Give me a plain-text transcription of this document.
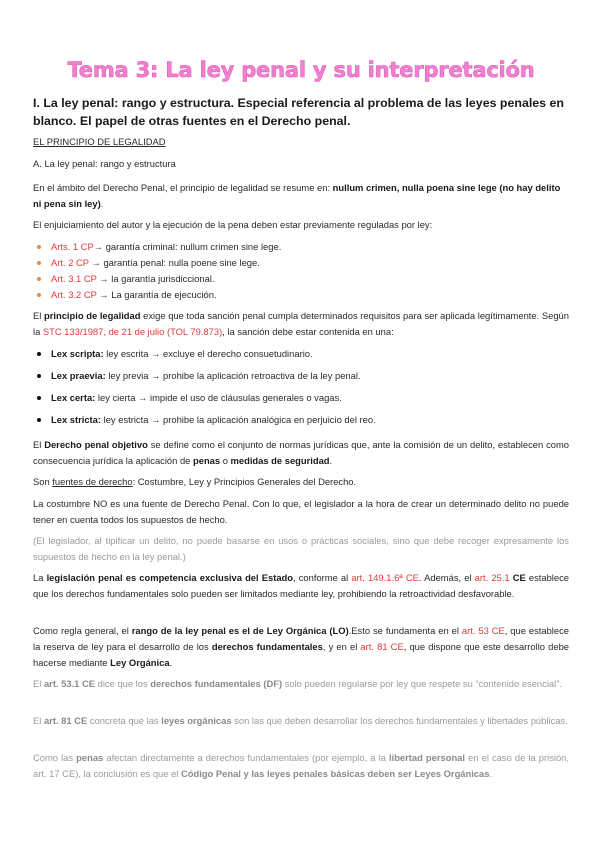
Tema 3: La ley penal y su interpretación
I. La ley penal: rango y estructura. Especial referencia al problema de las leyes penales en blanco. El papel de otras fuentes en el Derecho penal.
EL PRINCIPIO DE LEGALIDAD
A. La ley penal: rango y estructura
En el ámbito del Derecho Penal, el principio de legalidad se resume en: nullum crimen, nulla poena sine lege (no hay delito ni pena sin ley).
El enjuiciamiento del autor y la ejecución de la pena deben estar previamente reguladas por ley:
Arts. 1 CP→ garantía criminal: nullum crimen sine lege.
Art. 2 CP → garantía penal: nulla poene sine lege.
Art. 3.1 CP → la garantía jurisdiccional.
Art. 3.2 CP → La garantía de ejecución.
El principio de legalidad exige que toda sanción penal cumpla determinados requisitos para ser aplicada legítimamente. Según la STC 133/1987, de 21 de julio (TOL 79.873), la sanción debe estar contenida en una:
Lex scripta: ley escrita → excluye el derecho consuetudinario.
Lex praevia: ley previa → prohibe la aplicación retroactiva de la ley penal.
Lex certa: ley cierta → impide el uso de cláusulas generales o vagas.
Lex stricta: ley estricta → prohibe la aplicación analógica en perjuicio del reo.
El Derecho penal objetivo se define como el conjunto de normas jurídicas que, ante la comisión de un delito, establecen como consecuencia jurídica la aplicación de penas o medidas de seguridad.
Son fuentes de derecho: Costumbre, Ley y Principios Generales del Derecho.
La costumbre NO es una fuente de Derecho Penal. Con lo que, el legislador a la hora de crear un determinado delito no puede tener en cuenta todos los supuestos de hecho.
(El legislador, al tipificar un delito, no puede basarse en usos o prácticas sociales, sino que debe recoger expresamente los supuestos de hecho en la ley penal.)
La legislación penal es competencia exclusiva del Estado, conforme al art. 149.1.6ª CE. Además, el art. 25.1 CE establece que los derechos fundamentales solo pueden ser limitados mediante ley, prohibiendo la retroactividad desfavorable.
Como regla general, el rango de la ley penal es el de Ley Orgánica (LO).Esto se fundamenta en el art. 53 CE, que establece la reserva de ley para el desarrollo de los derechos fundamentales, y en el art. 81 CE, que dispone que este desarrollo debe hacerse mediante Ley Orgánica.
El art. 53.1 CE dice que los derechos fundamentales (DF) solo pueden regularse por ley que respete su “contenido esencial”.
El art. 81 CE concreta que las leyes orgánicas son las que deben desarrollar los derechos fundamentales y libertades públicas.
Como las penas afectan directamente a derechos fundamentales (por ejemplo, a la libertad personal en el caso de la prisión, art. 17 CE), la conclusión es que el Código Penal y las leyes penales básicas deben ser Leyes Orgánicas.
